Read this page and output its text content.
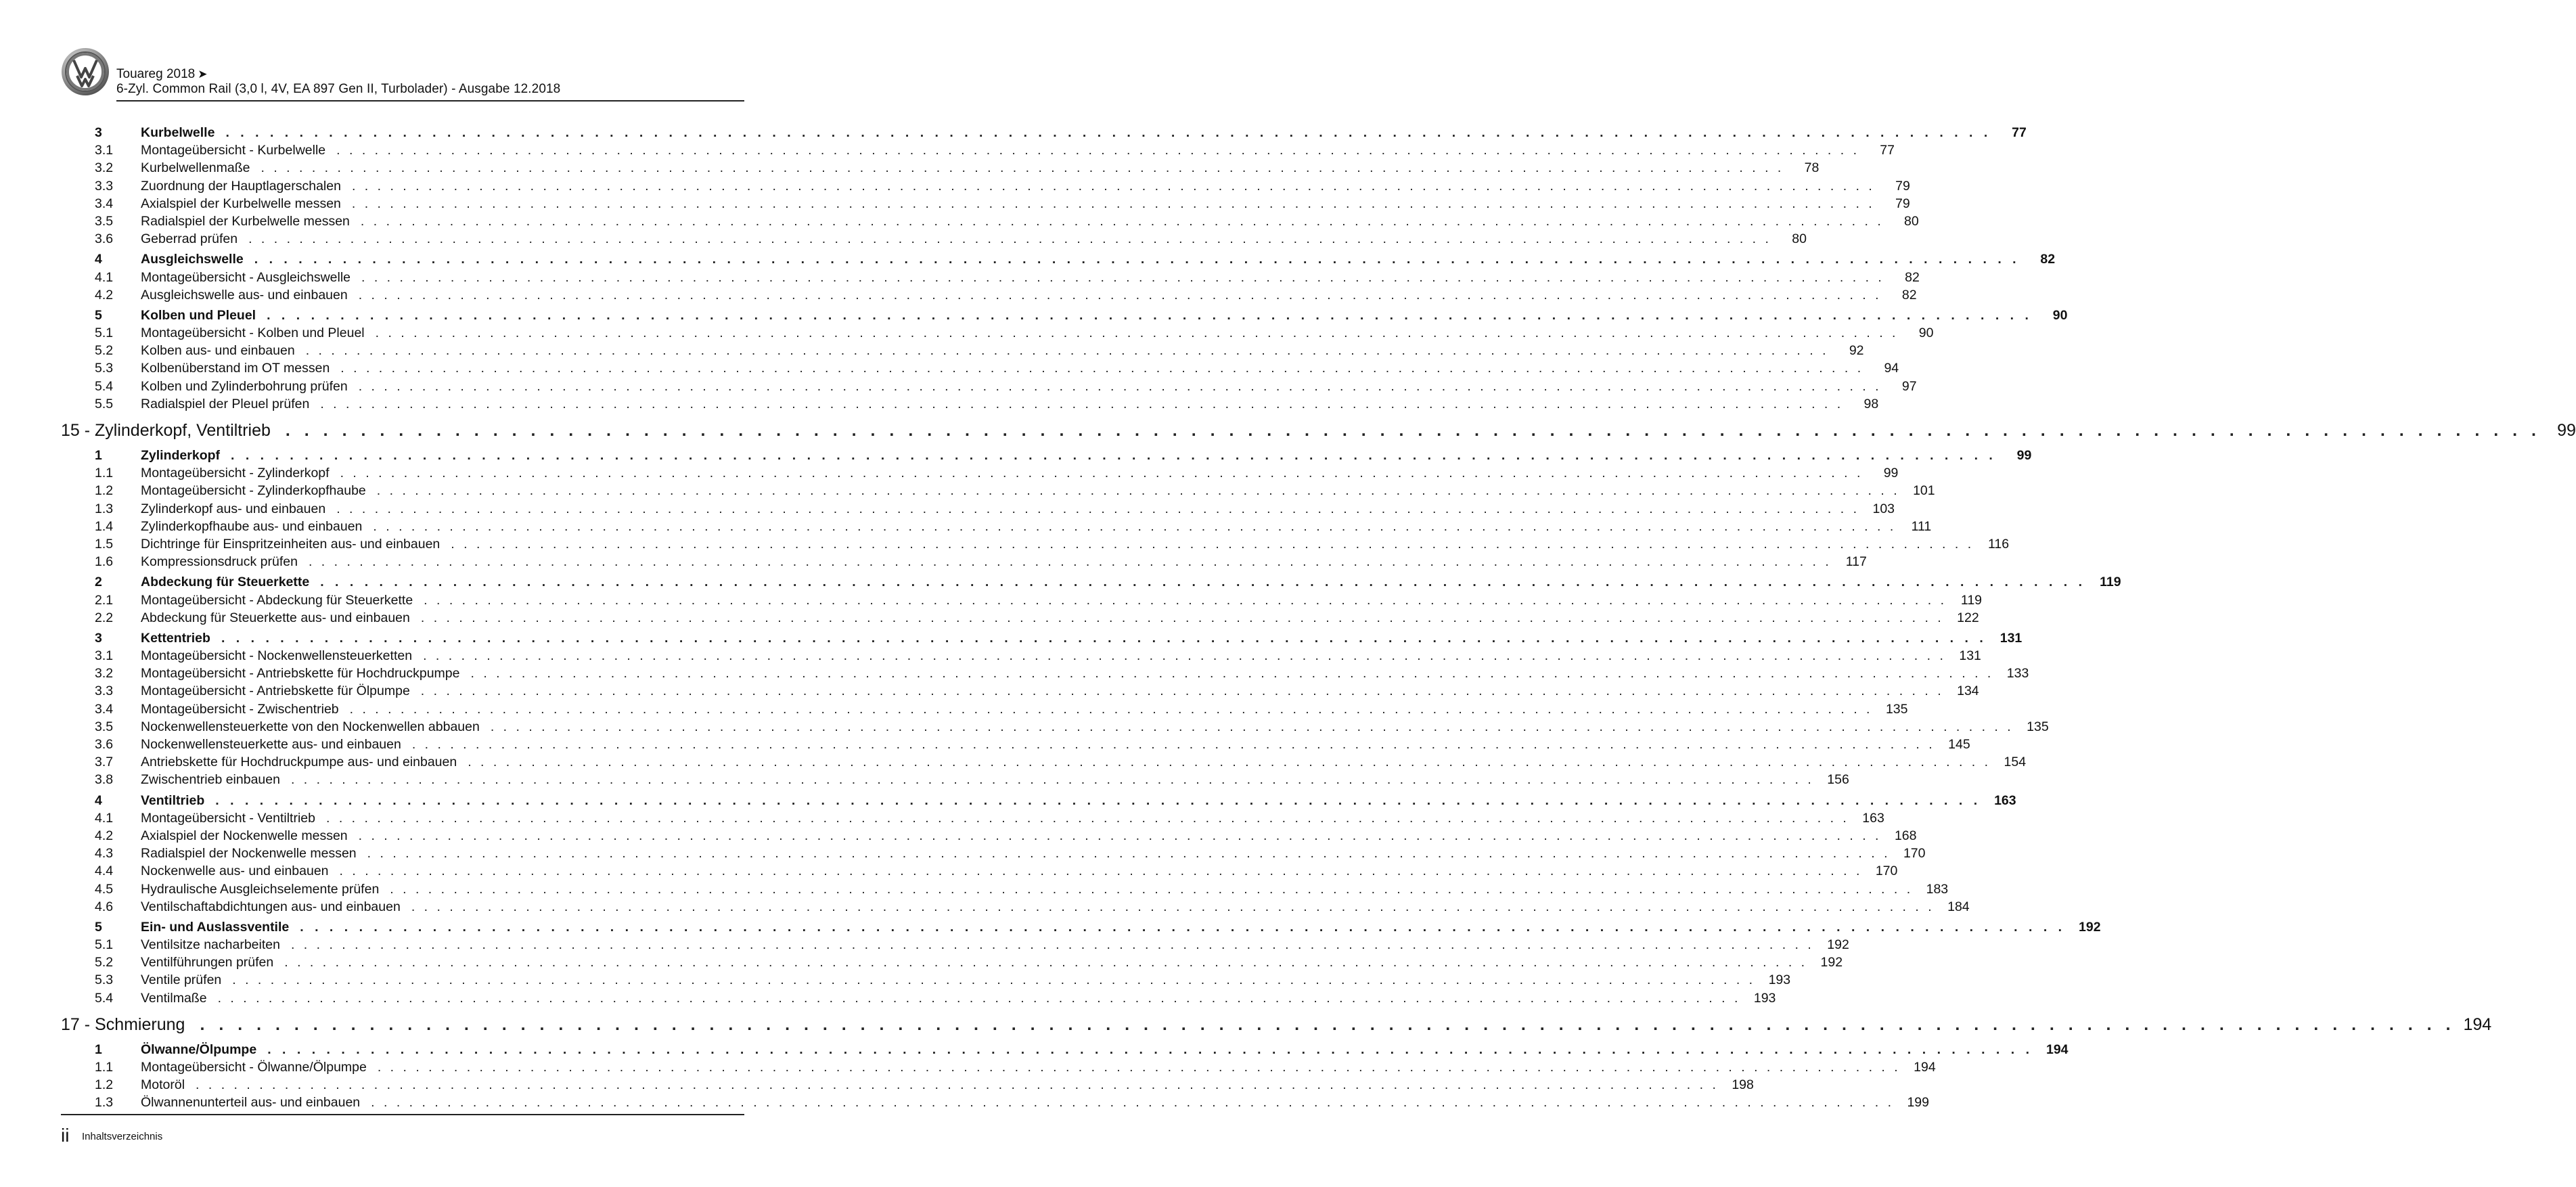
Touareg 2018 ➤
6-Zyl. Common Rail (3,0 l, 4V, EA 897 Gen II, Turbolader) - Ausgabe 12.2018
3	Kurbelwelle . . . . . . . . . . . . . . . . . . . . . . . . . . . . . . . . . . . . . . . . . . . . . . . . . . . . . . . . . . . . . . . . . . . . . . . . . . . . . . . . . . . . . . . . . . . . . . . . . . . . . . . . . . . . . . . . . . . . . . . .	77
3.1	Montageübersicht - Kurbelwelle . . . . . . . . . . . . . . . . . . . . . . . . . . . . . . . . . . . . . . . . . . . . . . . . . . . . . . . . . . . . . . . . . . . . . . . . . . . . . . . . . . . . . . . . . . . . . . . . . . . . . . . . . . . . . . . . . . . . . . . .	77
3.2	Kurbelwellenmaße . . . . . . . . . . . . . . . . . . . . . . . . . . . . . . . . . . . . . . . . . . . . . . . . . . . . . . . . . . . . . . . . . . . . . . . . . . . . . . . . . . . . . . . . . . . . . . . . . . . . . . . . . . . . . . . . . . . . . . . .	78
3.3	Zuordnung der Hauptlagerschalen . . . . . . . . . . . . . . . . . . . . . . . . . . . . . . . . . . . . . . . . . . . . . . . . . . . . . . . . . . . . . . . . . . . . . . . . . . . . . . . . . . . . . . . . . . . . . . . . . . . . . . . . . . . . . . . . . . . . . . . .	79
3.4	Axialspiel der Kurbelwelle messen . . . . . . . . . . . . . . . . . . . . . . . . . . . . . . . . . . . . . . . . . . . . . . . . . . . . . . . . . . . . . . . . . . . . . . . . . . . . . . . . . . . . . . . . . . . . . . . . . . . . . . . . . . . . . . . . . . . . . . . .	79
3.5	Radialspiel der Kurbelwelle messen . . . . . . . . . . . . . . . . . . . . . . . . . . . . . . . . . . . . . . . . . . . . . . . . . . . . . . . . . . . . . . . . . . . . . . . . . . . . . . . . . . . . . . . . . . . . . . . . . . . . . . . . . . . . . . . . . . . . . . . .	80
3.6	Geberrad prüfen . . . . . . . . . . . . . . . . . . . . . . . . . . . . . . . . . . . . . . . . . . . . . . . . . . . . . . . . . . . . . . . . . . . . . . . . . . . . . . . . . . . . . . . . . . . . . . . . . . . . . . . . . . . . . . . . . . . . . . . .	80
4	Ausgleichswelle . . . . . . . . . . . . . . . . . . . . . . . . . . . . . . . . . . . . . . . . . . . . . . . . . . . . . . . . . . . . . . . . . . . . . . . . . . . . . . . . . . . . . . . . . . . . . . . . . . . . . . . . . . . . . . . . . . . . . . . .	82
4.1	Montageübersicht - Ausgleichswelle . . . . . . . . . . . . . . . . . . . . . . . . . . . . . . . . . . . . . . . . . . . . . . . . . . . . . . . . . . . . . . . . . . . . . . . . . . . . . . . . . . . . . . . . . . . . . . . . . . . . . . . . . . . . . . . . . . . . . . . .	82
4.2	Ausgleichswelle aus- und einbauen . . . . . . . . . . . . . . . . . . . . . . . . . . . . . . . . . . . . . . . . . . . . . . . . . . . . . . . . . . . . . . . . . . . . . . . . . . . . . . . . . . . . . . . . . . . . . . . . . . . . . . . . . . . . . . . . . . . . . . . .	82
5	Kolben und Pleuel . . . . . . . . . . . . . . . . . . . . . . . . . . . . . . . . . . . . . . . . . . . . . . . . . . . . . . . . . . . . . . . . . . . . . . . . . . . . . . . . . . . . . . . . . . . . . . . . . . . . . . . . . . . . . . . . . . . . . . . .	90
5.1	Montageübersicht - Kolben und Pleuel . . . . . . . . . . . . . . . . . . . . . . . . . . . . . . . . . . . . . . . . . . . . . . . . . . . . . . . . . . . . . . . . . . . . . . . . . . . . . . . . . . . . . . . . . . . . . . . . . . . . . . . . . . . . . . . . . . . . . . . .	90
5.2	Kolben aus- und einbauen . . . . . . . . . . . . . . . . . . . . . . . . . . . . . . . . . . . . . . . . . . . . . . . . . . . . . . . . . . . . . . . . . . . . . . . . . . . . . . . . . . . . . . . . . . . . . . . . . . . . . . . . . . . . . . . . . . . . . . . .	92
5.3	Kolbenüberstand im OT messen . . . . . . . . . . . . . . . . . . . . . . . . . . . . . . . . . . . . . . . . . . . . . . . . . . . . . . . . . . . . . . . . . . . . . . . . . . . . . . . . . . . . . . . . . . . . . . . . . . . . . . . . . . . . . . . . . . . . . . . .	94
5.4	Kolben und Zylinderbohrung prüfen . . . . . . . . . . . . . . . . . . . . . . . . . . . . . . . . . . . . . . . . . . . . . . . . . . . . . . . . . . . . . . . . . . . . . . . . . . . . . . . . . . . . . . . . . . . . . . . . . . . . . . . . . . . . . . . . . . . . . . . .	97
5.5	Radialspiel der Pleuel prüfen . . . . . . . . . . . . . . . . . . . . . . . . . . . . . . . . . . . . . . . . . . . . . . . . . . . . . . . . . . . . . . . . . . . . . . . . . . . . . . . . . . . . . . . . . . . . . . . . . . . . . . . . . . . . . . . . . . . . . . . .	98
15 - Zylinderkopf, Ventiltrieb . . . . . . . . . . . . . . . . . . . . . . . . . . . . . . . . . . . . . . . . . . . . . . . . . . . . . . . . . . . . . . . . . . . . . . . . . . . . . . . . . . . . . . . . . . . . . . . . . . . . . . . . . . . . . . . . . . . . . . . . 99
1	Zylinderkopf . . . . . . . . . . . . . . . . . . . . . . . . . . . . . . . . . . . . . . . . . . . . . . . . . . . . . . . . . . . . . . . . . . . . . . . . . . . . . . . . . . . . . . . . . . . . . . . . . . . . . . . . . . . . . . . . . . . . . . . .	99
1.1	Montageübersicht - Zylinderkopf . . . . . . . . . . . . . . . . . . . . . . . . . . . . . . . . . . . . . . . . . . . . . . . . . . . . . . . . . . . . . . . . . . . . . . . . . . . . . . . . . . . . . . . . . . . . . . . . . . . . . . . . . . . . . . . . . . . . . . . .	99
1.2	Montageübersicht - Zylinderkopfhaube . . . . . . . . . . . . . . . . . . . . . . . . . . . . . . . . . . . . . . . . . . . . . . . . . . . . . . . . . . . . . . . . . . . . . . . . . . . . . . . . . . . . . . . . . . . . . . . . . . . . . . . . . . . . . . . . . . . . . . . . 101
1.3	Zylinderkopf aus- und einbauen . . . . . . . . . . . . . . . . . . . . . . . . . . . . . . . . . . . . . . . . . . . . . . . . . . . . . . . . . . . . . . . . . . . . . . . . . . . . . . . . . . . . . . . . . . . . . . . . . . . . . . . . . . . . . . . . . . . . . . . . 103
1.4	Zylinderkopfhaube aus- und einbauen . . . . . . . . . . . . . . . . . . . . . . . . . . . . . . . . . . . . . . . . . . . . . . . . . . . . . . . . . . . . . . . . . . . . . . . . . . . . . . . . . . . . . . . . . . . . . . . . . . . . . . . . . . . . . . . . . . . . . . . .	111
1.5	Dichtringe für Einspritzeinheiten aus- und einbauen . . . . . . . . . . . . . . . . . . . . . . . . . . . . . . . . . . . . . . . . . . . . . . . . . . . . . . . . . . . . . . . . . . . . . . . . . . . . . . . . . . . . . . . . . . . . . . . . . . . . . . . . . . . . . . . . . . . . . . . .	116
1.6	Kompressionsdruck prüfen . . . . . . . . . . . . . . . . . . . . . . . . . . . . . . . . . . . . . . . . . . . . . . . . . . . . . . . . . . . . . . . . . . . . . . . . . . . . . . . . . . . . . . . . . . . . . . . . . . . . . . . . . . . . . . . . . . . . . . . .	117
2	Abdeckung für Steuerkette . . . . . . . . . . . . . . . . . . . . . . . . . . . . . . . . . . . . . . . . . . . . . . . . . . . . . . . . . . . . . . . . . . . . . . . . . . . . . . . . . . . . . . . . . . . . . . . . . . . . . . . . . . . . . . . . . . . . . . . .	119
2.1	Montageübersicht - Abdeckung für Steuerkette . . . . . . . . . . . . . . . . . . . . . . . . . . . . . . . . . . . . . . . . . . . . . . . . . . . . . . . . . . . . . . . . . . . . . . . . . . . . . . . . . . . . . . . . . . . . . . . . . . . . . . . . . . . . . . . . . . . . . . . .	119
2.2	Abdeckung für Steuerkette aus- und einbauen . . . . . . . . . . . . . . . . . . . . . . . . . . . . . . . . . . . . . . . . . . . . . . . . . . . . . . . . . . . . . . . . . . . . . . . . . . . . . . . . . . . . . . . . . . . . . . . . . . . . . . . . . . . . . . . . . . . . . . . . 122
3	Kettentrieb . . . . . . . . . . . . . . . . . . . . . . . . . . . . . . . . . . . . . . . . . . . . . . . . . . . . . . . . . . . . . . . . . . . . . . . . . . . . . . . . . . . . . . . . . . . . . . . . . . . . . . . . . . . . . . . . . . . . . . . . 131
3.1	Montageübersicht - Nockenwellensteuerketten . . . . . . . . . . . . . . . . . . . . . . . . . . . . . . . . . . . . . . . . . . . . . . . . . . . . . . . . . . . . . . . . . . . . . . . . . . . . . . . . . . . . . . . . . . . . . . . . . . . . . . . . . . . . . . . . . . . . . . . . 131
3.2	Montageübersicht - Antriebskette für Hochdruckpumpe . . . . . . . . . . . . . . . . . . . . . . . . . . . . . . . . . . . . . . . . . . . . . . . . . . . . . . . . . . . . . . . . . . . . . . . . . . . . . . . . . . . . . . . . . . . . . . . . . . . . . . . . . . . . . . . . . . . . . . . . 133
3.3	Montageübersicht - Antriebskette für Ölpumpe . . . . . . . . . . . . . . . . . . . . . . . . . . . . . . . . . . . . . . . . . . . . . . . . . . . . . . . . . . . . . . . . . . . . . . . . . . . . . . . . . . . . . . . . . . . . . . . . . . . . . . . . . . . . . . . . . . . . . . . . 134
3.4	Montageübersicht - Zwischentrieb . . . . . . . . . . . . . . . . . . . . . . . . . . . . . . . . . . . . . . . . . . . . . . . . . . . . . . . . . . . . . . . . . . . . . . . . . . . . . . . . . . . . . . . . . . . . . . . . . . . . . . . . . . . . . . . . . . . . . . . . 135
3.5	Nockenwellensteuerkette von den Nockenwellen abbauen . . . . . . . . . . . . . . . . . . . . . . . . . . . . . . . . . . . . . . . . . . . . . . . . . . . . . . . . . . . . . . . . . . . . . . . . . . . . . . . . . . . . . . . . . . . . . . . . . . . . . . . . . . . . . . . . . . . . . . . . 135
3.6	Nockenwellensteuerkette aus- und einbauen . . . . . . . . . . . . . . . . . . . . . . . . . . . . . . . . . . . . . . . . . . . . . . . . . . . . . . . . . . . . . . . . . . . . . . . . . . . . . . . . . . . . . . . . . . . . . . . . . . . . . . . . . . . . . . . . . . . . . . . . 145
3.7	Antriebskette für Hochdruckpumpe aus- und einbauen . . . . . . . . . . . . . . . . . . . . . . . . . . . . . . . . . . . . . . . . . . . . . . . . . . . . . . . . . . . . . . . . . . . . . . . . . . . . . . . . . . . . . . . . . . . . . . . . . . . . . . . . . . . . . . . . . . . . . . . . 154
3.8	Zwischentrieb einbauen . . . . . . . . . . . . . . . . . . . . . . . . . . . . . . . . . . . . . . . . . . . . . . . . . . . . . . . . . . . . . . . . . . . . . . . . . . . . . . . . . . . . . . . . . . . . . . . . . . . . . . . . . . . . . . . . . . . . . . . . 156
4	Ventiltrieb . . . . . . . . . . . . . . . . . . . . . . . . . . . . . . . . . . . . . . . . . . . . . . . . . . . . . . . . . . . . . . . . . . . . . . . . . . . . . . . . . . . . . . . . . . . . . . . . . . . . . . . . . . . . . . . . . . . . . . . . 163
4.1	Montageübersicht - Ventiltrieb . . . . . . . . . . . . . . . . . . . . . . . . . . . . . . . . . . . . . . . . . . . . . . . . . . . . . . . . . . . . . . . . . . . . . . . . . . . . . . . . . . . . . . . . . . . . . . . . . . . . . . . . . . . . . . . . . . . . . . . . 163
4.2	Axialspiel der Nockenwelle messen . . . . . . . . . . . . . . . . . . . . . . . . . . . . . . . . . . . . . . . . . . . . . . . . . . . . . . . . . . . . . . . . . . . . . . . . . . . . . . . . . . . . . . . . . . . . . . . . . . . . . . . . . . . . . . . . . . . . . . . . 168
4.3	Radialspiel der Nockenwelle messen . . . . . . . . . . . . . . . . . . . . . . . . . . . . . . . . . . . . . . . . . . . . . . . . . . . . . . . . . . . . . . . . . . . . . . . . . . . . . . . . . . . . . . . . . . . . . . . . . . . . . . . . . . . . . . . . . . . . . . . . 170
4.4	Nockenwelle aus- und einbauen . . . . . . . . . . . . . . . . . . . . . . . . . . . . . . . . . . . . . . . . . . . . . . . . . . . . . . . . . . . . . . . . . . . . . . . . . . . . . . . . . . . . . . . . . . . . . . . . . . . . . . . . . . . . . . . . . . . . . . . . 170
4.5	Hydraulische Ausgleichselemente prüfen . . . . . . . . . . . . . . . . . . . . . . . . . . . . . . . . . . . . . . . . . . . . . . . . . . . . . . . . . . . . . . . . . . . . . . . . . . . . . . . . . . . . . . . . . . . . . . . . . . . . . . . . . . . . . . . . . . . . . . . . 183
4.6	Ventilschaftabdichtungen aus- und einbauen . . . . . . . . . . . . . . . . . . . . . . . . . . . . . . . . . . . . . . . . . . . . . . . . . . . . . . . . . . . . . . . . . . . . . . . . . . . . . . . . . . . . . . . . . . . . . . . . . . . . . . . . . . . . . . . . . . . . . . . . 184
5	Ein- und Auslassventile . . . . . . . . . . . . . . . . . . . . . . . . . . . . . . . . . . . . . . . . . . . . . . . . . . . . . . . . . . . . . . . . . . . . . . . . . . . . . . . . . . . . . . . . . . . . . . . . . . . . . . . . . . . . . . . . . . . . . . . . 192
5.1	Ventilsitze nacharbeiten . . . . . . . . . . . . . . . . . . . . . . . . . . . . . . . . . . . . . . . . . . . . . . . . . . . . . . . . . . . . . . . . . . . . . . . . . . . . . . . . . . . . . . . . . . . . . . . . . . . . . . . . . . . . . . . . . . . . . . . . 192
5.2	Ventilführungen prüfen . . . . . . . . . . . . . . . . . . . . . . . . . . . . . . . . . . . . . . . . . . . . . . . . . . . . . . . . . . . . . . . . . . . . . . . . . . . . . . . . . . . . . . . . . . . . . . . . . . . . . . . . . . . . . . . . . . . . . . . . 192
5.3	Ventile prüfen . . . . . . . . . . . . . . . . . . . . . . . . . . . . . . . . . . . . . . . . . . . . . . . . . . . . . . . . . . . . . . . . . . . . . . . . . . . . . . . . . . . . . . . . . . . . . . . . . . . . . . . . . . . . . . . . . . . . . . . . 193
5.4	Ventilmaße . . . . . . . . . . . . . . . . . . . . . . . . . . . . . . . . . . . . . . . . . . . . . . . . . . . . . . . . . . . . . . . . . . . . . . . . . . . . . . . . . . . . . . . . . . . . . . . . . . . . . . . . . . . . . . . . . . . . . . . . 193
17 - Schmierung . . . . . . . . . . . . . . . . . . . . . . . . . . . . . . . . . . . . . . . . . . . . . . . . . . . . . . . . . . . . . . . . . . . . . . . . . . . . . . . . . . . . . . . . . . . . . . . . . . . . . . . . . . . . . . . . . . . . . . . . 194
1	Ölwanne/Ölpumpe . . . . . . . . . . . . . . . . . . . . . . . . . . . . . . . . . . . . . . . . . . . . . . . . . . . . . . . . . . . . . . . . . . . . . . . . . . . . . . . . . . . . . . . . . . . . . . . . . . . . . . . . . . . . . . . . . . . . . . . . 194
1.1	Montageübersicht - Ölwanne/Ölpumpe . . . . . . . . . . . . . . . . . . . . . . . . . . . . . . . . . . . . . . . . . . . . . . . . . . . . . . . . . . . . . . . . . . . . . . . . . . . . . . . . . . . . . . . . . . . . . . . . . . . . . . . . . . . . . . . . . . . . . . . . 194
1.2	Motoröl . . . . . . . . . . . . . . . . . . . . . . . . . . . . . . . . . . . . . . . . . . . . . . . . . . . . . . . . . . . . . . . . . . . . . . . . . . . . . . . . . . . . . . . . . . . . . . . . . . . . . . . . . . . . . . . . . . . . . . . . 198
1.3	Ölwannenunterteil aus- und einbauen . . . . . . . . . . . . . . . . . . . . . . . . . . . . . . . . . . . . . . . . . . . . . . . . . . . . . . . . . . . . . . . . . . . . . . . . . . . . . . . . . . . . . . . . . . . . . . . . . . . . . . . . . . . . . . . . . . . . . . . . 199
ii Inhaltsverzeichnis
